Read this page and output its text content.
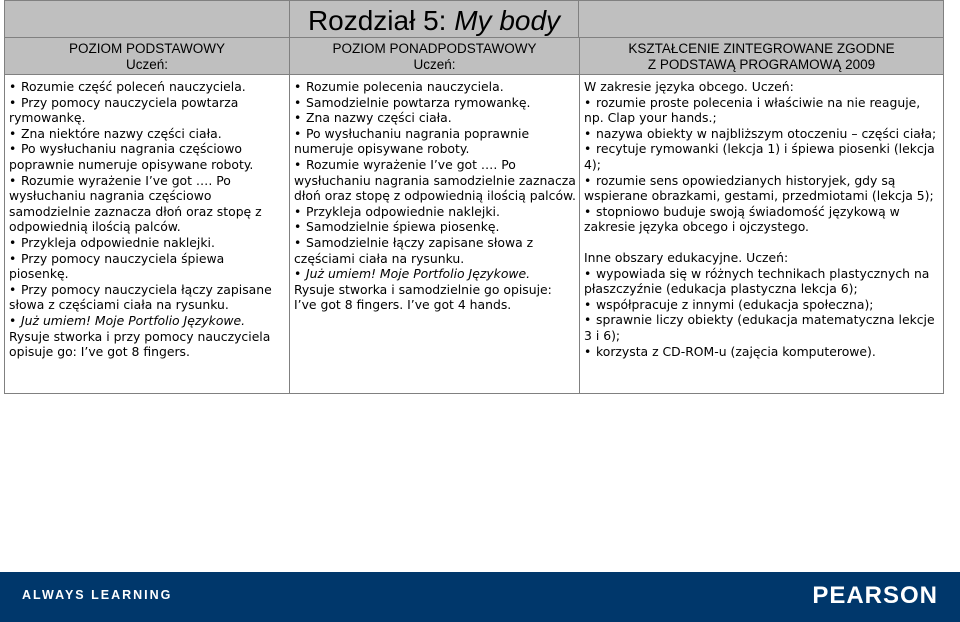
Rozdział 5: My body
POZIOM PODSTAWOWY
Uczeń:
POZIOM PONADPODSTAWOWY
Uczeń:
KSZTAŁCENIE ZINTEGROWANE ZGODNE
Z PODSTAWĄ PROGRAMOWĄ 2009
• Rozumie część poleceń nauczyciela.
• Przy pomocy nauczyciela powtarza rymowankę.
• Zna niektóre nazwy części ciała.
• Po wysłuchaniu nagrania częściowo poprawnie numeruje opisywane roboty.
• Rozumie wyrażenie I’ve got …. Po wysłuchaniu nagrania częściowo samodzielnie zaznacza dłoń oraz stopę z odpowiednią ilością palców.
• Przykleja odpowiednie naklejki.
• Przy pomocy nauczyciela śpiewa piosenkę.
• Przy pomocy nauczyciela łączy zapisane słowa z częściami ciała na rysunku.
• Już umiem! Moje Portfolio Językowe.

Rysuje stworka i przy pomocy nauczyciela opisuje go: I’ve got 8 fingers.

• Rozumie polecenia nauczyciela.
• Samodzielnie powtarza rymowankę.
• Zna nazwy części ciała.
• Po wysłuchaniu nagrania poprawnie numeruje opisywane roboty.
• Rozumie wyrażenie I’ve got …. Po wysłuchaniu nagrania samodzielnie zaznacza dłoń oraz stopę z odpowiednią ilością palców.
• Przykleja odpowiednie naklejki.
• Samodzielnie śpiewa piosenkę.
• Samodzielnie łączy zapisane słowa z częściami ciała na rysunku.
• Już umiem! Moje Portfolio Językowe.

Rysuje stworka i samodzielnie go opisuje: I’ve got 8 fingers. I’ve got 4 hands.

W zakresie języka obcego. Uczeń:

• rozumie proste polecenia i właściwie na nie reaguje, np. Clap your hands.;
• nazywa obiekty w najbliższym otoczeniu – części ciała;
• recytuje rymowanki (lekcja 1) i śpiewa piosenki (lekcja 4);
• rozumie sens opowiedzianych historyjek, gdy są wspierane obrazkami, gestami, przedmiotami (lekcja 5);
• stopniowo buduje swoją świadomość językową w zakresie języka obcego i ojczystego.

Inne obszary edukacyjne. Uczeń:

• wypowiada się w różnych technikach plastycznych na płaszczyźnie (edukacja plastyczna lekcja 6);
• współpracuje z innymi (edukacja społeczna);
• sprawnie liczy obiekty (edukacja matematyczna lekcje 3 i 6);
• korzysta z CD-ROM-u (zajęcia komputerowe).
ALWAYS LEARNING	PEARSON
